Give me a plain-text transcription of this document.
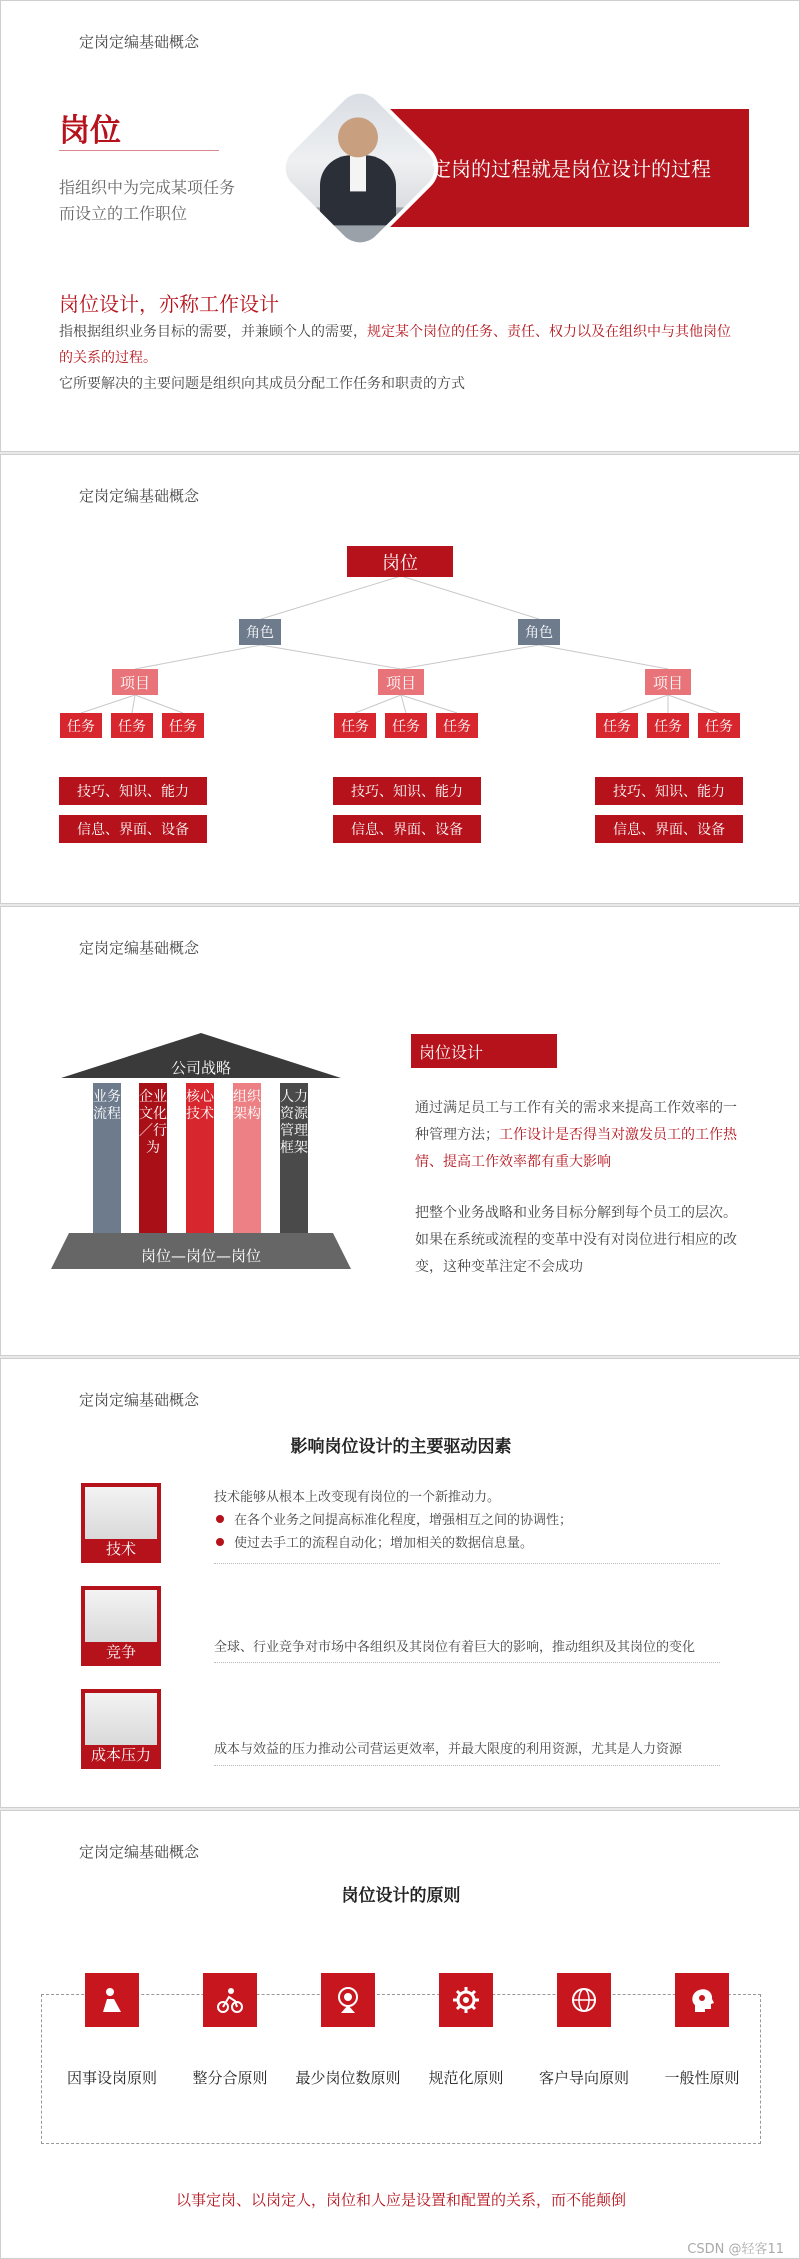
定岗定编基础概念
岗位
指组织中为完成某项任务
而设立的工作职位
定岗的过程就是岗位设计的过程
岗位设计，亦称工作设计
指根据组织业务目标的需要，并兼顾个人的需要，规定某个岗位的任务、责任、权力以及在组织中与其他岗位的关系的过程。
它所要解决的主要问题是组织向其成员分配工作任务和职责的方式
定岗定编基础概念
岗位
角色	角色
项目	项目	项目
任务	任务	任务	任务	任务	任务	任务	任务	任务
技巧、知识、能力
信息、界面、设备
技巧、知识、能力
信息、界面、设备
技巧、知识、能力
信息、界面、设备
定岗定编基础概念
公司战略
业务流程
企业文化／行为
核心技术
组织架构
人力资源管理框架
岗位—岗位—岗位
岗位设计
通过满足员工与工作有关的需求来提高工作效率的一种管理方法；工作设计是否得当对激发员工的工作热情、提高工作效率都有重大影响
把整个业务战略和业务目标分解到每个员工的层次。如果在系统或流程的变革中没有对岗位进行相应的改变，这种变革注定不会成功
定岗定编基础概念
影响岗位设计的主要驱动因素
技术
技术能够从根本上改变现有岗位的一个新推动力。
在各个业务之间提高标准化程度，增强相互之间的协调性；
使过去手工的流程自动化；增加相关的数据信息量。
竞争	全球、行业竞争对市场中各组织及其岗位有着巨大的影响，推动组织及其岗位的变化
成本压力	成本与效益的压力推动公司营运更效率，并最大限度的利用资源，尤其是人力资源
定岗定编基础概念
岗位设计的原则
因事设岗原则	整分合原则	最少岗位数原则	规范化原则	客户导向原则	一般性原则
以事定岗、以岗定人，岗位和人应是设置和配置的关系，而不能颠倒
CSDN @轻客11
